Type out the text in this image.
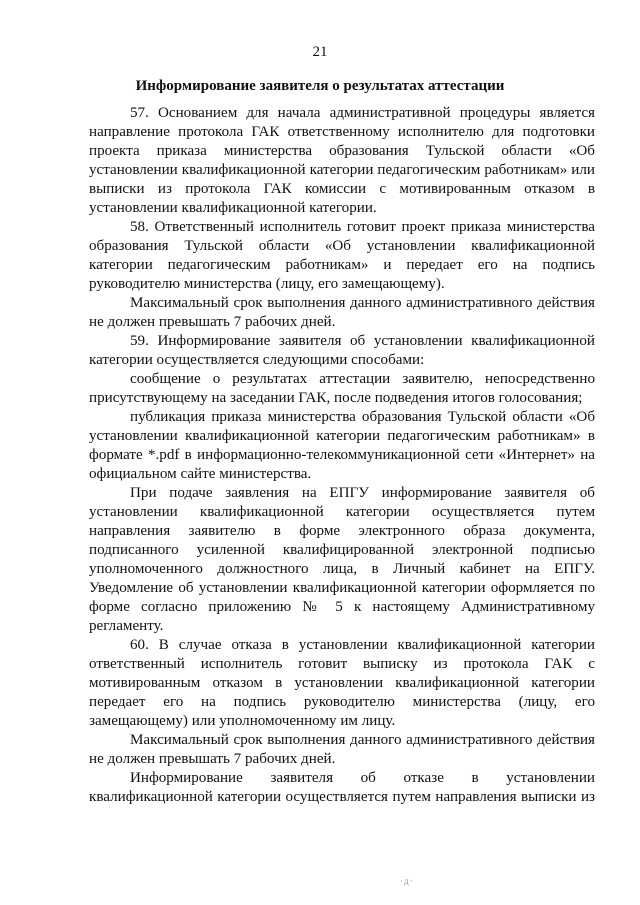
21
Информирование заявителя о результатах аттестации

57. Основанием для начала административной процедуры является направление протокола ГАК ответственному исполнителю для подготовки проекта приказа министерства образования Тульской области «Об установлении квалификационной категории педагогическим работникам» или выписки из протокола ГАК комиссии с мотивированным отказом в установлении квалификационной категории.

58. Ответственный исполнитель готовит проект приказа министерства образования Тульской области «Об установлении квалификационной категории педагогическим работникам» и передает его на подпись руководителю министерства (лицу, его замещающему).

Максимальный срок выполнения данного административного действия не должен превышать 7 рабочих дней.

59. Информирование заявителя об установлении квалификационной категории осуществляется следующими способами:

сообщение о результатах аттестации заявителю, непосредственно присутствующему на заседании ГАК, после подведения итогов голосования;

публикация приказа министерства образования Тульской области «Об установлении квалификационной категории педагогическим работникам» в формате *.pdf в информационно-телекоммуникационной сети «Интернет» на официальном сайте министерства.

При подаче заявления на ЕПГУ информирование заявителя об установлении квалификационной категории осуществляется путем направления заявителю в форме электронного образа документа, подписанного усиленной квалифицированной электронной подписью уполномоченного должностного лица, в Личный кабинет на ЕПГУ. Уведомление об установлении квалификационной категории оформляется по форме согласно приложению № 5 к настоящему Административному регламенту.

60. В случае отказа в установлении квалификационной категории ответственный исполнитель готовит выписку из протокола ГАК с мотивированным отказом в установлении квалификационной категории передает его на подпись руководителю министерства (лицу, его замещающему) или уполномоченному им лицу.

Максимальный срок выполнения данного административного действия не должен превышать 7 рабочих дней.

Информирование заявителя об отказе в установлении квалификационной категории осуществляется путем направления выписки из

·д·
